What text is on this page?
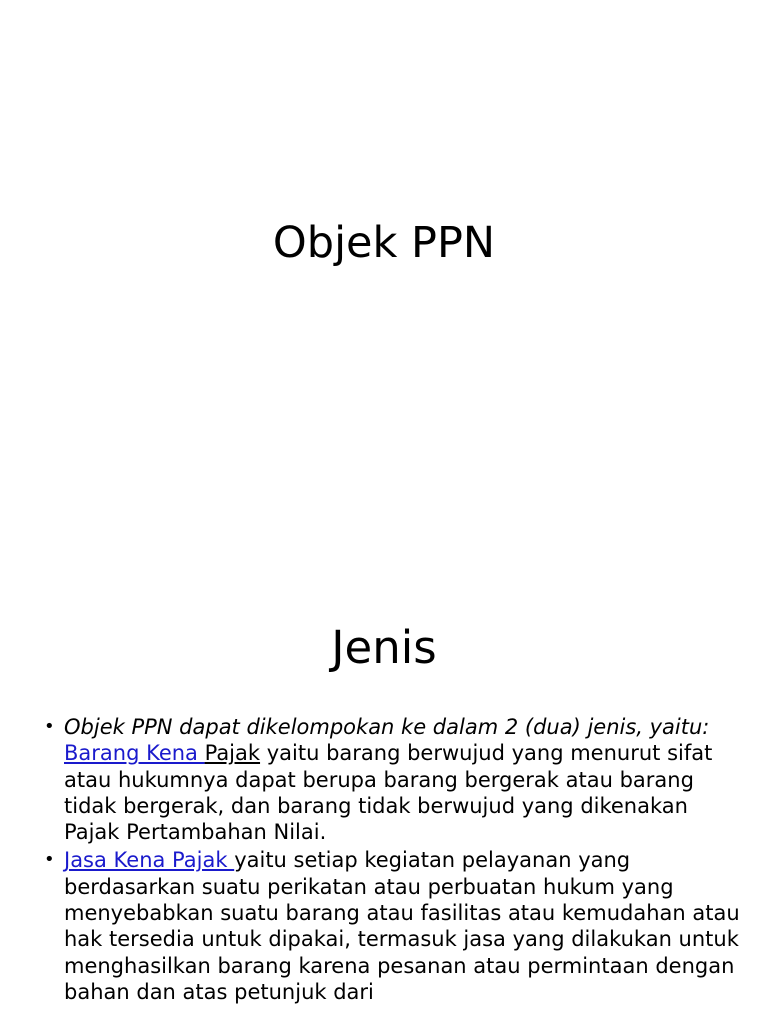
Objek PPN
Jenis
• Objek PPN dapat dikelompokan ke dalam 2 (dua) jenis, yaitu:
Barang Kena Pajak yaitu barang berwujud yang menurut sifat atau hukumnya dapat berupa barang bergerak atau barang tidak bergerak, dan barang tidak berwujud yang dikenakan Pajak Pertambahan Nilai.
• Jasa Kena Pajak yaitu setiap kegiatan pelayanan yang berdasarkan suatu perikatan atau perbuatan hukum yang menyebabkan suatu barang atau fasilitas atau kemudahan atau hak tersedia untuk dipakai, termasuk jasa yang dilakukan untuk menghasilkan barang karena pesanan atau permintaan dengan bahan dan atas petunjuk dari
